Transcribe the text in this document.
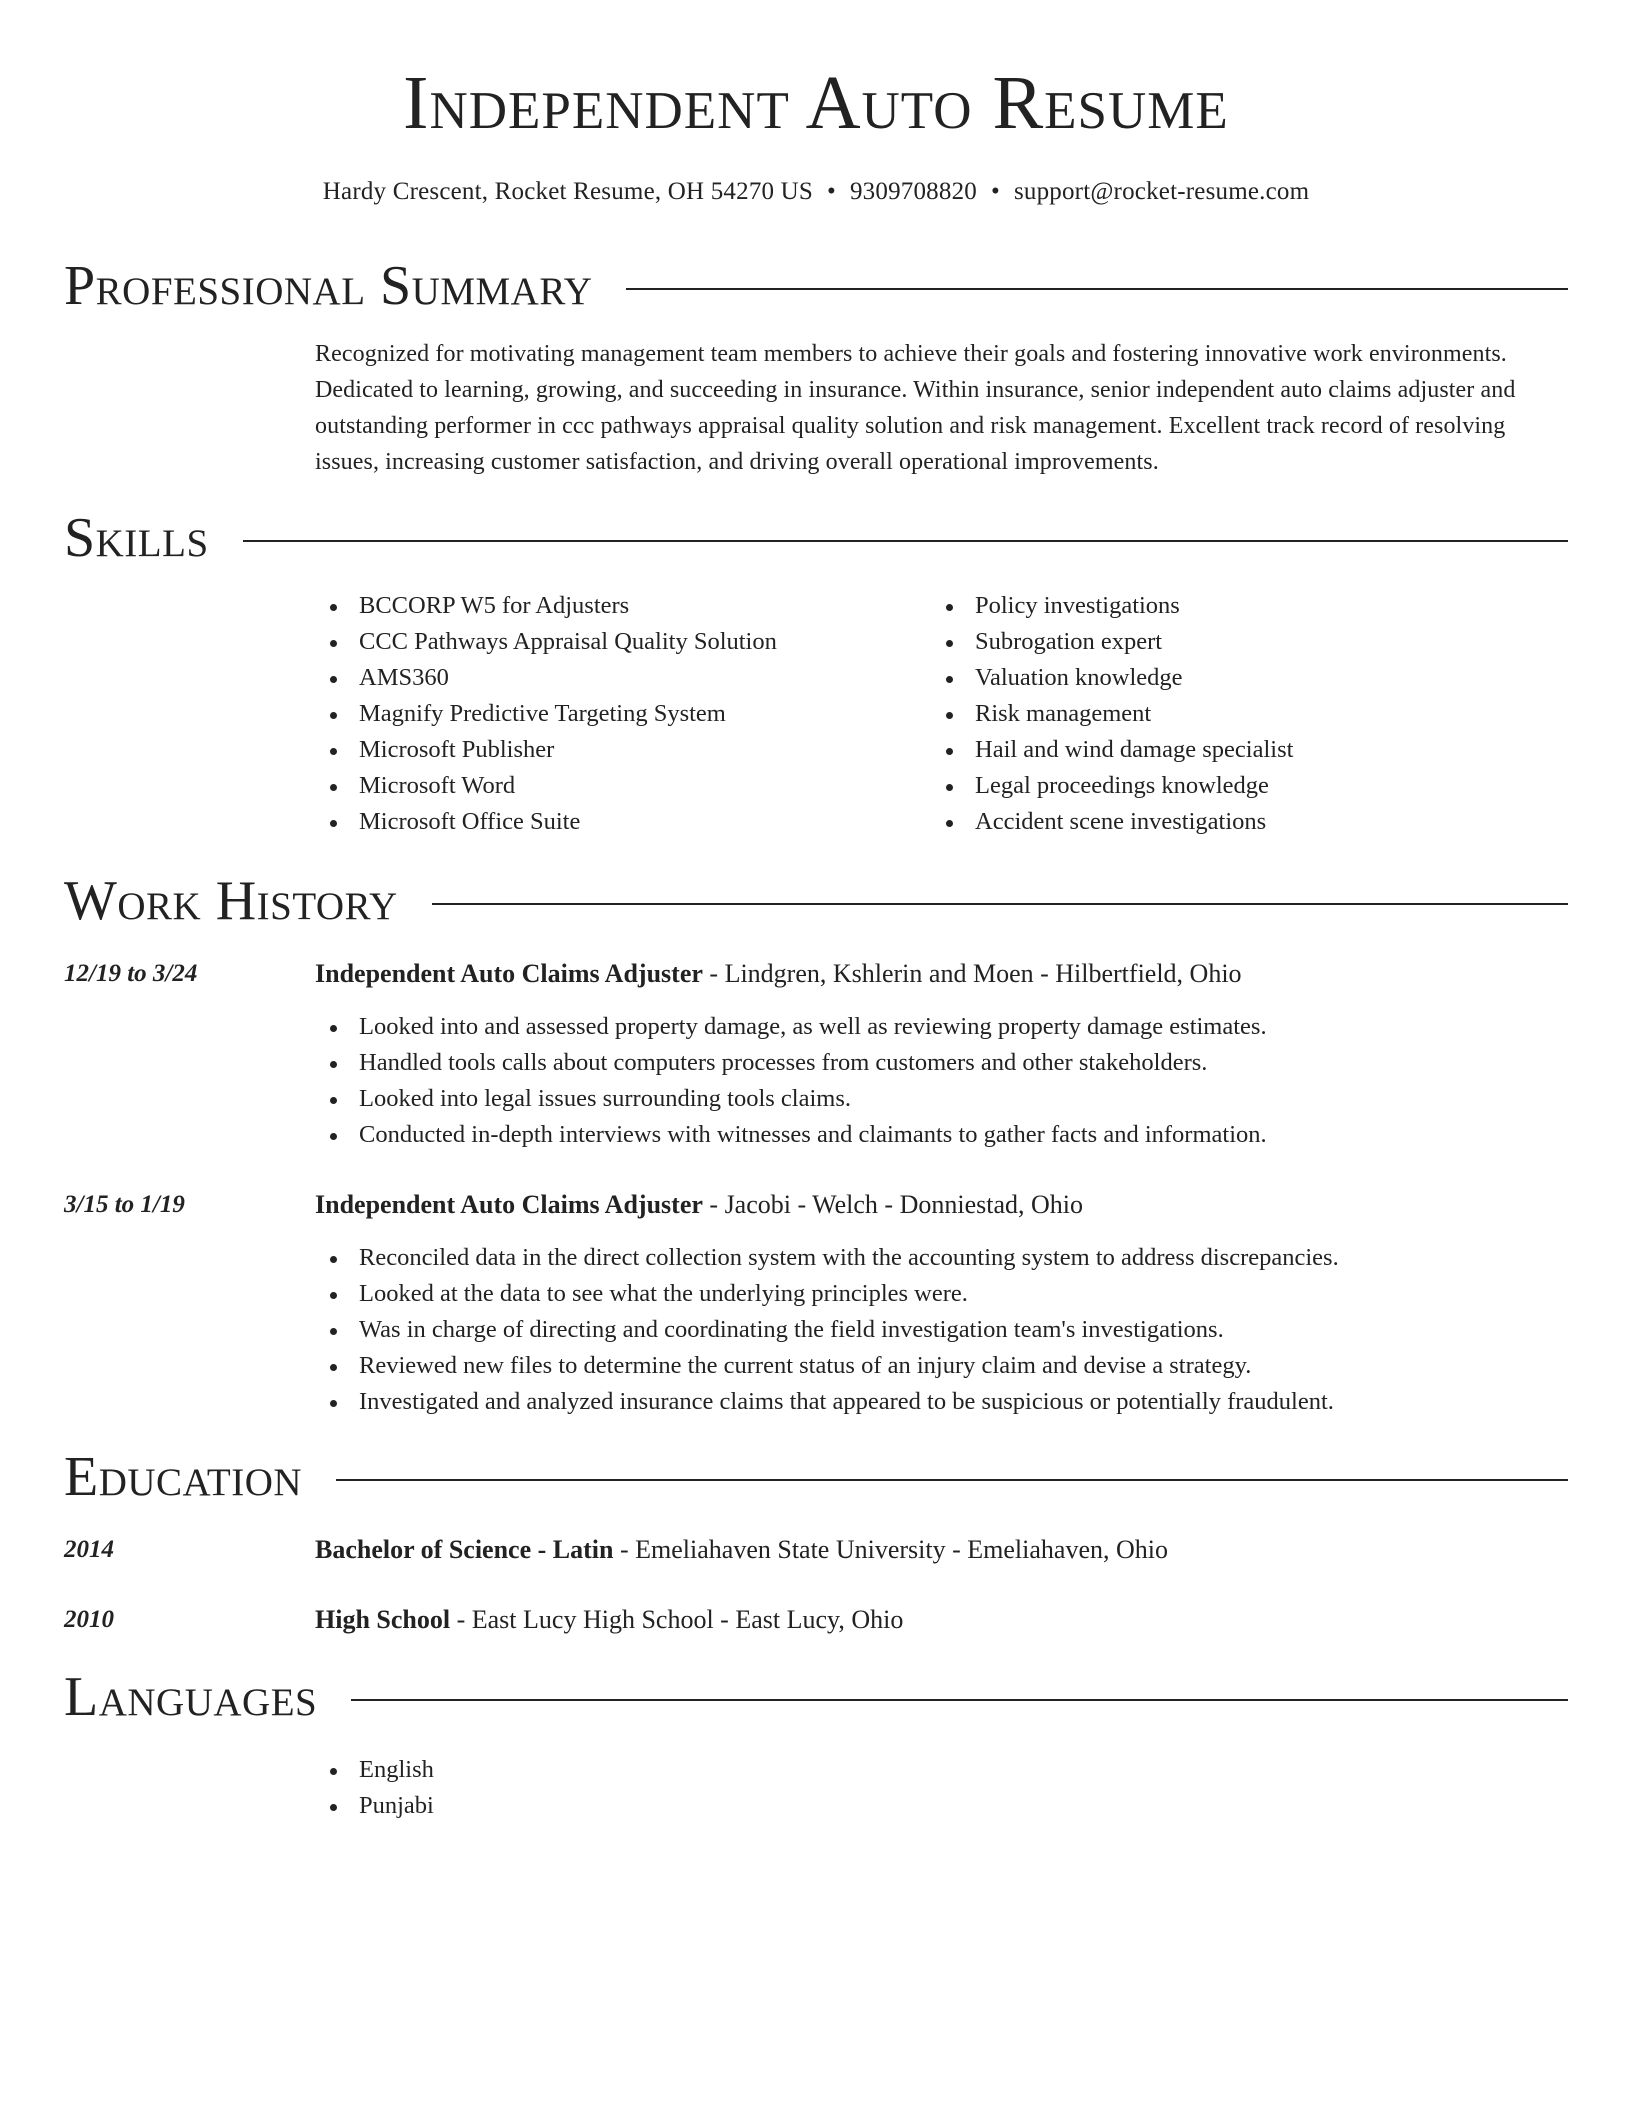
Independent Auto Resume
Hardy Crescent, Rocket Resume, OH 54270 US • 9309708820 • support@rocket-resume.com
Professional Summary

Recognized for motivating management team members to achieve their goals and fostering innovative work environments. Dedicated to learning, growing, and succeeding in insurance. Within insurance, senior independent auto claims adjuster and outstanding performer in ccc pathways appraisal quality solution and risk management. Excellent track record of resolving issues, increasing customer satisfaction, and driving overall operational improvements.

Skills
BCCORP W5 for Adjusters
CCC Pathways Appraisal Quality Solution
AMS360
Magnify Predictive Targeting System
Microsoft Publisher
Microsoft Word
Microsoft Office Suite
Policy investigations
Subrogation expert
Valuation knowledge
Risk management
Hail and wind damage specialist
Legal proceedings knowledge
Accident scene investigations
Work History
12/19 to 3/24	Independent Auto Claims Adjuster - Lindgren, Kshlerin and Moen - Hilbertfield, Ohio
Looked into and assessed property damage, as well as reviewing property damage estimates.
Handled tools calls about computers processes from customers and other stakeholders.
Looked into legal issues surrounding tools claims.
Conducted in-depth interviews with witnesses and claimants to gather facts and information.
3/15 to 1/19	Independent Auto Claims Adjuster - Jacobi - Welch - Donniestad, Ohio
Reconciled data in the direct collection system with the accounting system to address discrepancies.
Looked at the data to see what the underlying principles were.
Was in charge of directing and coordinating the field investigation team's investigations.
Reviewed new files to determine the current status of an injury claim and devise a strategy.
Investigated and analyzed insurance claims that appeared to be suspicious or potentially fraudulent.
Education
2014	Bachelor of Science - Latin - Emeliahaven State University - Emeliahaven, Ohio
2010	High School - East Lucy High School - East Lucy, Ohio
Languages
English
Punjabi
